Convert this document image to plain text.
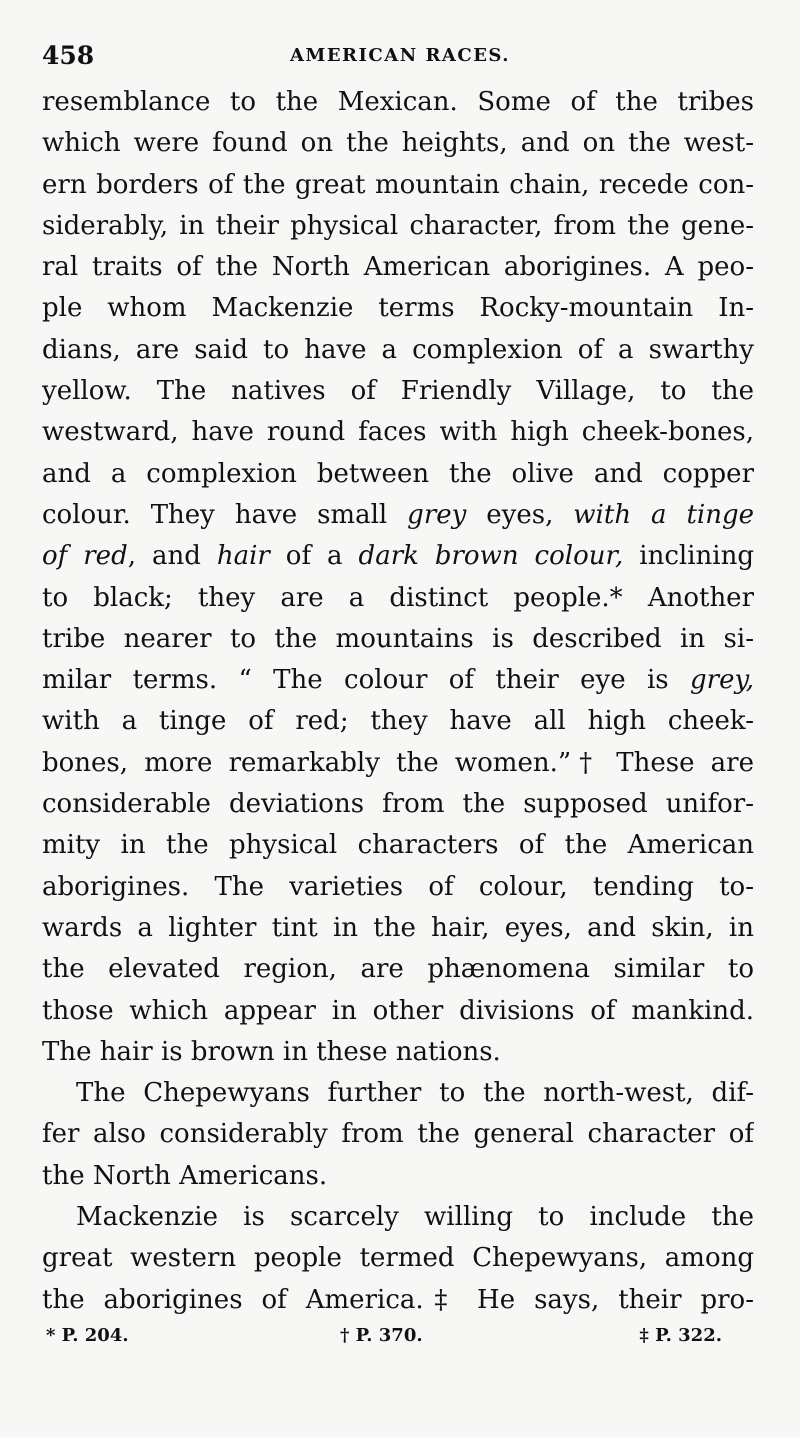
458	AMERICAN RACES.
resemblance to the Mexican. Some of the tribes
which were found on the heights, and on the west-
ern borders of the great mountain chain, recede con-
siderably, in their physical character, from the gene-
ral traits of the North American aborigines. A peo-
ple whom Mackenzie terms Rocky-mountain In-
dians, are said to have a complexion of a swarthy
yellow. The natives of Friendly Village, to the
westward, have round faces with high cheek-bones,
and a complexion between the olive and copper
colour. They have small grey eyes, with a tinge
of red, and hair of a dark brown colour, inclining
to black; they are a distinct people.* Another
tribe nearer to the mountains is described in si-
milar terms. “ The colour of their eye is grey,
with a tinge of red; they have all high cheek-
bones, more remarkably the women.”† These are
considerable deviations from the supposed unifor-
mity in the physical characters of the American
aborigines. The varieties of colour, tending to-
wards a lighter tint in the hair, eyes, and skin, in
the elevated region, are phænomena similar to
those which appear in other divisions of mankind.
The hair is brown in these nations.
The Chepewyans further to the north-west, dif-
fer also considerably from the general character of
the North Americans.
Mackenzie is scarcely willing to include the
great western people termed Chepewyans, among
the aborigines of America.‡ He says, their pro-
* P. 204.	† P. 370.	‡ P. 322.
